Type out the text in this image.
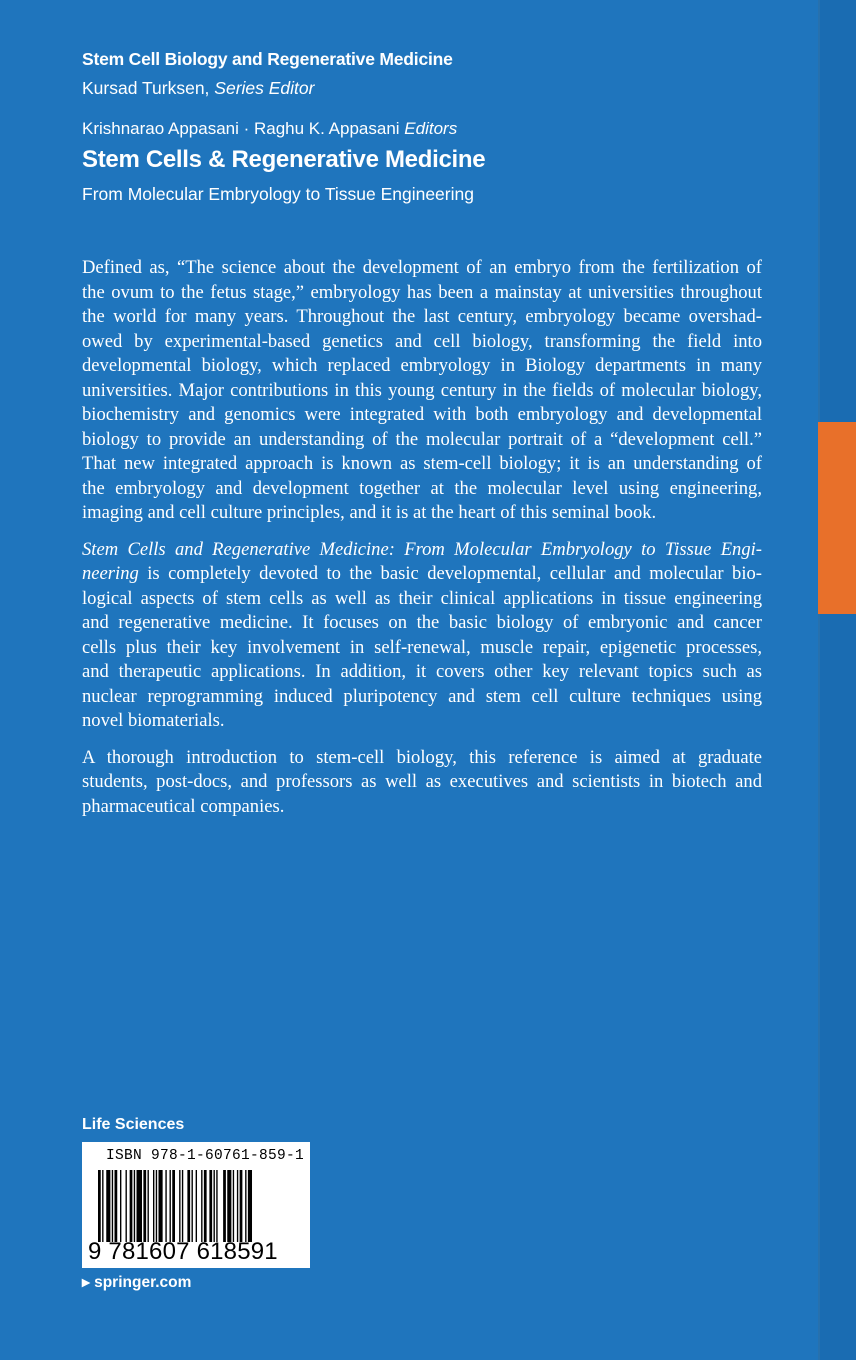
Stem Cell Biology and Regenerative Medicine
Kursad Turksen, Series Editor
Krishnarao Appasani · Raghu K. Appasani Editors
Stem Cells & Regenerative Medicine
From Molecular Embryology to Tissue Engineering

Defined as, “The science about the development of an embryo from the fertilization of
the ovum to the fetus stage,” embryology has been a mainstay at universities throughout
the world for many years. Throughout the last century, embryology became overshad-
owed by experimental-based genetics and cell biology, transforming the field into
developmental biology, which replaced embryology in Biology departments in many
universities. Major contributions in this young century in the fields of molecular biology,
biochemistry and genomics were integrated with both embryology and developmental
biology to provide an understanding of the molecular portrait of a “development cell.”
That new integrated approach is known as stem-cell biology; it is an understanding of
the embryology and development together at the molecular level using engineering,
imaging and cell culture principles, and it is at the heart of this seminal book.

Stem Cells and Regenerative Medicine: From Molecular Embryology to Tissue Engi-
neering is completely devoted to the basic developmental, cellular and molecular bio-
logical aspects of stem cells as well as their clinical applications in tissue engineering
and regenerative medicine. It focuses on the basic biology of embryonic and cancer
cells plus their key involvement in self-renewal, muscle repair, epigenetic processes,
and therapeutic applications. In addition, it covers other key relevant topics such as
nuclear reprogramming induced pluripotency and stem cell culture techniques using
novel biomaterials.

A thorough introduction to stem-cell biology, this reference is aimed at graduate
students, post-docs, and professors as well as executives and scientists in biotech and
pharmaceutical companies.

Life Sciences
ISBN 978-1-60761-859-1
9 781607 618591
▸ springer.com
